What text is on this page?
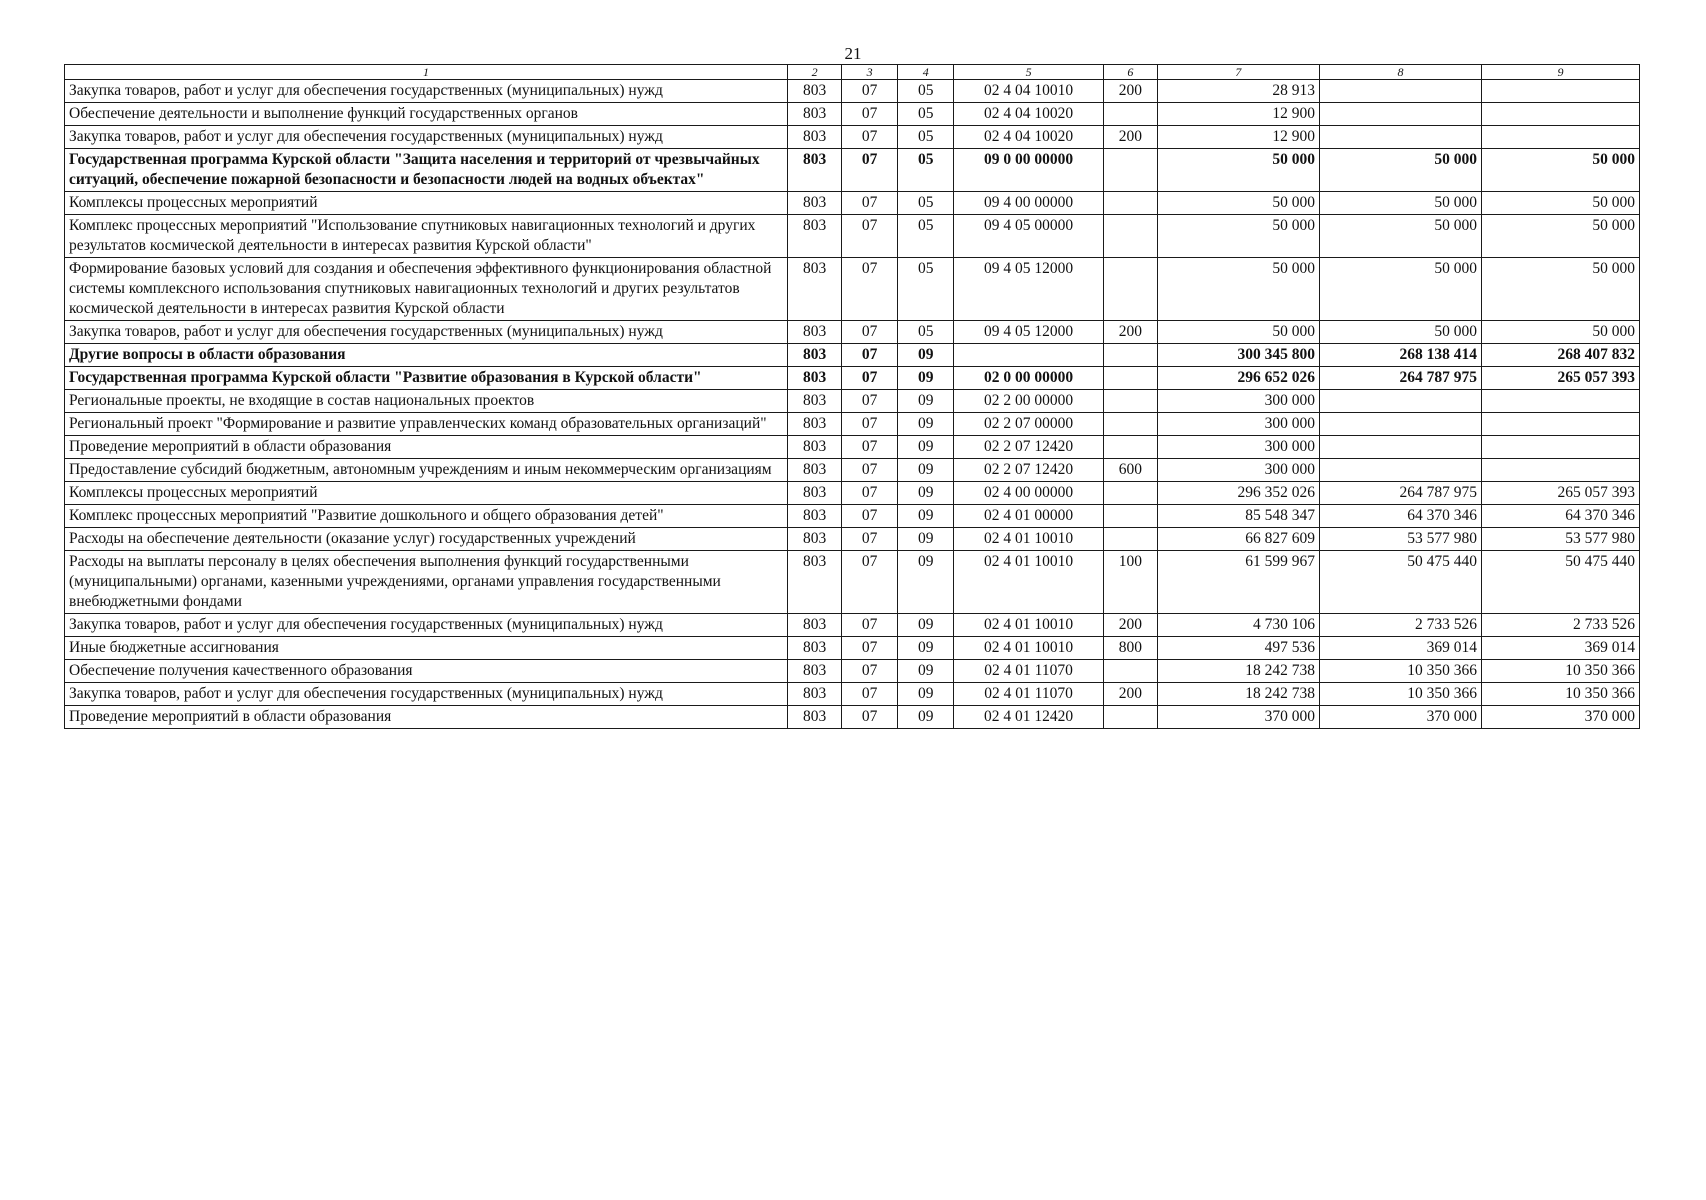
21
1	2	3	4	5	6	7	8	9
Закупка товаров, работ и услуг для обеспечения государственных (муниципальных) нужд	803	07	05	02 4 04 10010	200	28 913		
Обеспечение деятельности и выполнение функций государственных органов	803	07	05	02 4 04 10020		12 900		
Закупка товаров, работ и услуг для обеспечения государственных (муниципальных) нужд	803	07	05	02 4 04 10020	200	12 900		
Государственная программа Курской области "Защита населения и территорий от чрезвычайных ситуаций, обеспечение пожарной безопасности и безопасности людей на водных объектах"	803	07	05	09 0 00 00000		50 000	50 000	50 000
Комплексы процессных мероприятий	803	07	05	09 4 00 00000		50 000	50 000	50 000
Комплекс процессных мероприятий "Использование спутниковых навигационных технологий и других результатов космической деятельности в интересах развития Курской области"	803	07	05	09 4 05 00000		50 000	50 000	50 000
Формирование базовых условий для создания и обеспечения эффективного функционирования областной системы комплексного использования спутниковых навигационных технологий и других результатов космической деятельности в интересах развития Курской области	803	07	05	09 4 05 12000		50 000	50 000	50 000
Закупка товаров, работ и услуг для обеспечения государственных (муниципальных) нужд	803	07	05	09 4 05 12000	200	50 000	50 000	50 000
Другие вопросы в области образования	803	07	09			300 345 800	268 138 414	268 407 832
Государственная программа Курской области "Развитие образования в Курской области"	803	07	09	02 0 00 00000		296 652 026	264 787 975	265 057 393
Региональные проекты, не входящие в состав национальных проектов	803	07	09	02 2 00 00000		300 000		
Региональный проект "Формирование и развитие управленческих команд образовательных организаций"	803	07	09	02 2 07 00000		300 000		
Проведение мероприятий в области образования	803	07	09	02 2 07 12420		300 000		
Предоставление субсидий бюджетным, автономным учреждениям и иным некоммерческим организациям	803	07	09	02 2 07 12420	600	300 000		
Комплексы процессных мероприятий	803	07	09	02 4 00 00000		296 352 026	264 787 975	265 057 393
Комплекс процессных мероприятий "Развитие дошкольного и общего образования детей"	803	07	09	02 4 01 00000		85 548 347	64 370 346	64 370 346
Расходы на обеспечение деятельности (оказание услуг) государственных учреждений	803	07	09	02 4 01 10010		66 827 609	53 577 980	53 577 980
Расходы на выплаты персоналу в целях обеспечения выполнения функций государственными (муниципальными) органами, казенными учреждениями, органами управления государственными внебюджетными фондами	803	07	09	02 4 01 10010	100	61 599 967	50 475 440	50 475 440
Закупка товаров, работ и услуг для обеспечения государственных (муниципальных) нужд	803	07	09	02 4 01 10010	200	4 730 106	2 733 526	2 733 526
Иные бюджетные ассигнования	803	07	09	02 4 01 10010	800	497 536	369 014	369 014
Обеспечение получения качественного образования	803	07	09	02 4 01 11070		18 242 738	10 350 366	10 350 366
Закупка товаров, работ и услуг для обеспечения государственных (муниципальных) нужд	803	07	09	02 4 01 11070	200	18 242 738	10 350 366	10 350 366
Проведение мероприятий в области образования	803	07	09	02 4 01 12420		370 000	370 000	370 000
